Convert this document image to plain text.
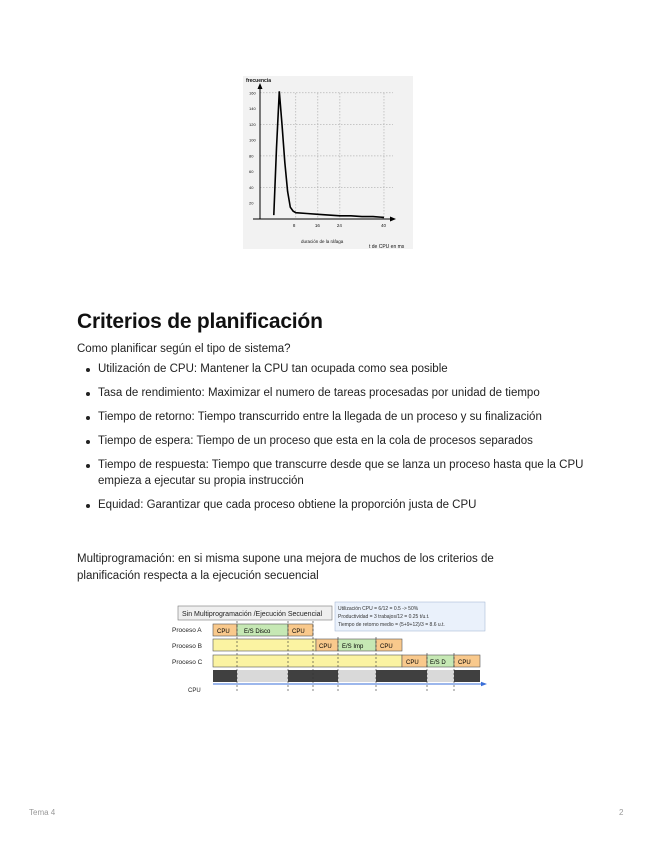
160
140
120
100
80
60
40
20
8	16	24	40
frecuencia
duración de la ráfaga
t de CPU en ms
Criterios de planificación
Como planificar según el tipo de sistema?
Utilización de CPU: Mantener la CPU tan ocupada como sea posible
Tasa de rendimiento: Maximizar el numero de tareas procesadas por unidad de tiempo
Tiempo de retorno: Tiempo transcurrido entre la llegada de un proceso y su finalización
Tiempo de espera: Tiempo de un proceso que esta en la cola de procesos separados
Tiempo de respuesta: Tiempo que transcurre desde que se lanza un proceso hasta que la CPU empieza a ejecutar su propia instrucción
Equidad: Garantizar que cada proceso obtiene la proporción justa de CPU
Multiprogramación: en si misma supone una mejora de muchos de los criterios de planificación respecta a la ejecución secuencial
Sin Multiprogramación /Ejecución Secuencial
Utilización CPU = 6/12 = 0.5 -> 50%
Productividad = 3 trabajos/12 = 0.25 t/u.t.
Tiempo de retorno medio = (5+9+12)/3 = 8.6 u.t.
Proceso A
Proceso B
Proceso C
CPU E/S Disco	CPU
CPU E/S Imp	CPU
CPU E/S D CPU
CPU
Tema 4	2
